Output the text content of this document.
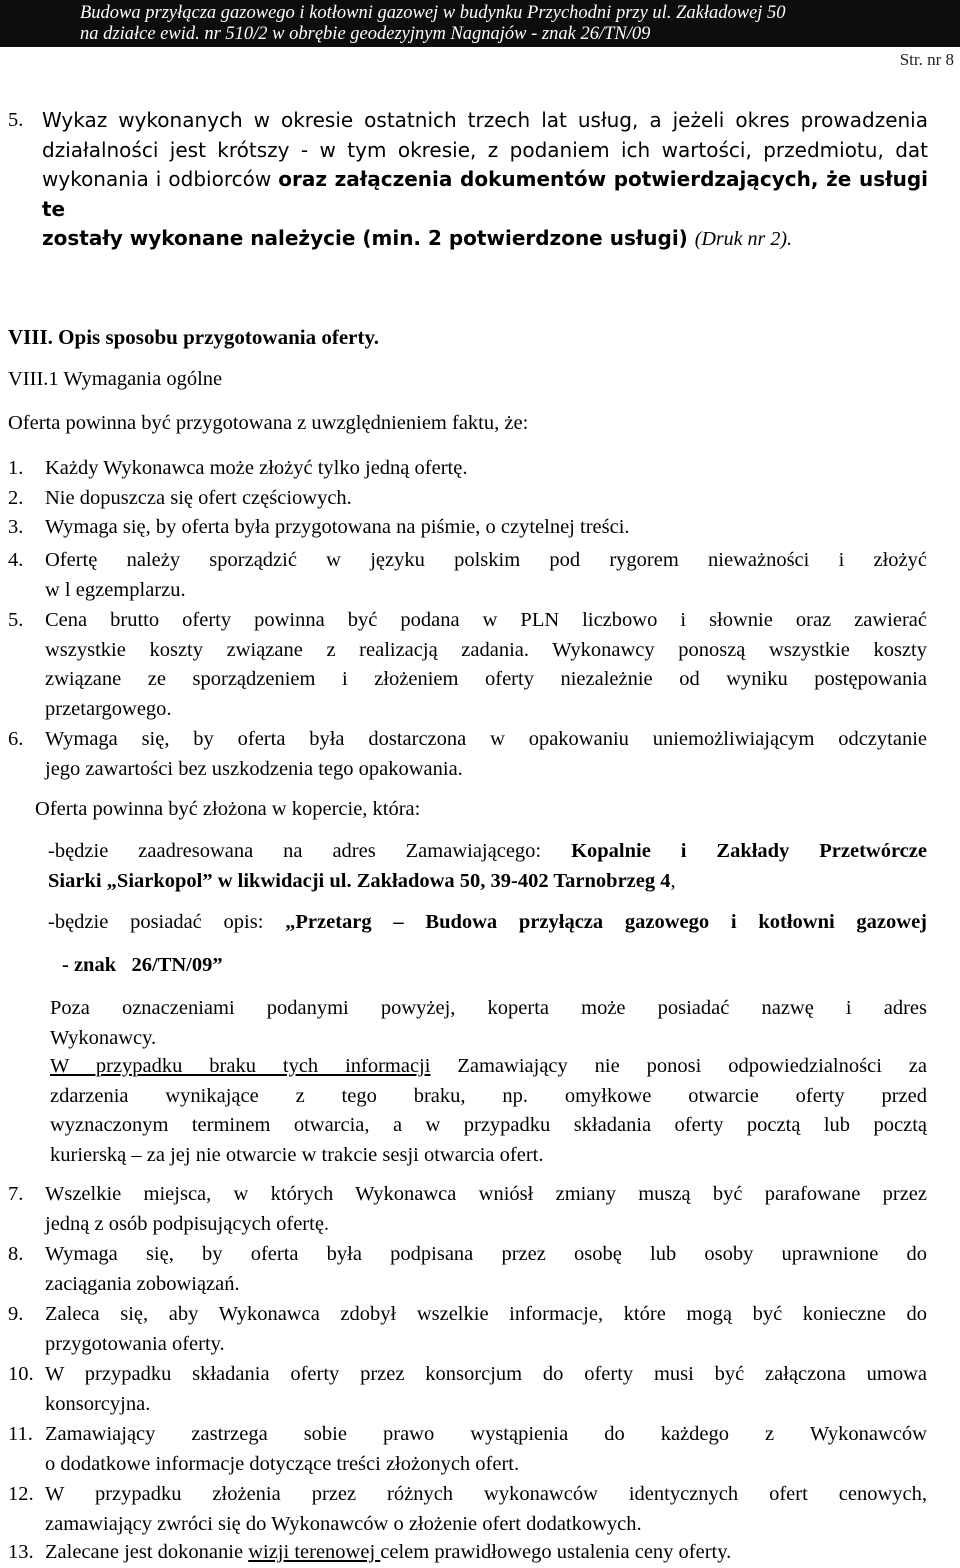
Budowa przyłącza gazowego i kotłowni gazowej w budynku Przychodni przy ul. Zakładowej 50
na działce ewid. nr 510/2 w obrębie geodezyjnym Nagnajów - znak 26/TN/09
Str. nr 8
5. Wykaz wykonanych w okresie ostatnich trzech lat usług, a jeżeli okres prowadzenia
działalności jest krótszy - w tym okresie, z podaniem ich wartości, przedmiotu, dat
wykonania i odbiorców oraz załączenia dokumentów potwierdzających, że usługi te
zostały wykonane należycie (min. 2 potwierdzone usługi) (Druk nr 2).
VIII. Opis sposobu przygotowania oferty.
VIII.1 Wymagania ogólne
Oferta powinna być przygotowana z uwzględnieniem faktu, że:
1. Każdy Wykonawca może złożyć tylko jedną ofertę.
2. Nie dopuszcza się ofert częściowych.
3. Wymaga się, by oferta była przygotowana na piśmie, o czytelnej treści.
4. Ofertę należy sporządzić w języku polskim pod rygorem nieważności i złożyć
w l egzemplarzu.
5. Cena brutto oferty powinna być podana w PLN liczbowo i słownie oraz zawierać
wszystkie koszty związane z realizacją zadania. Wykonawcy ponoszą wszystkie koszty
związane ze sporządzeniem i złożeniem oferty niezależnie od wyniku postępowania
przetargowego.
6. Wymaga się, by oferta była dostarczona w opakowaniu uniemożliwiającym odczytanie
jego zawartości bez uszkodzenia tego opakowania.
Oferta powinna być złożona w kopercie, która:
-będzie zaadresowana na adres Zamawiającego: Kopalnie i Zakłady Przetwórcze
Siarki „Siarkopol” w likwidacji ul. Zakładowa 50, 39-402 Tarnobrzeg 4,
-będzie posiadać opis: „Przetarg – Budowa przyłącza gazowego i kotłowni gazowej
- znak   26/TN/09”
Poza oznaczeniami podanymi powyżej, koperta może posiadać nazwę i adres
Wykonawcy.
W przypadku braku tych informacji Zamawiający nie ponosi odpowiedzialności za
zdarzenia wynikające z tego braku, np. omyłkowe otwarcie oferty przed
wyznaczonym terminem otwarcia, a w przypadku składania oferty pocztą lub pocztą
kurierską – za jej nie otwarcie w trakcie sesji otwarcia ofert.
7. Wszelkie miejsca, w których Wykonawca wniósł zmiany muszą być parafowane przez
jedną z osób podpisujących ofertę.
8. Wymaga się, by oferta była podpisana przez osobę lub osoby uprawnione do
zaciągania zobowiązań.
9. Zaleca się, aby Wykonawca zdobył wszelkie informacje, które mogą być konieczne do
przygotowania oferty.
10. W przypadku składania oferty przez konsorcjum do oferty musi być załączona umowa
konsorcyjna.
11. Zamawiający zastrzega sobie prawo wystąpienia do każdego z Wykonawców
o dodatkowe informacje dotyczące treści złożonych ofert.
12. W przypadku złożenia przez różnych wykonawców identycznych ofert cenowych,
zamawiający zwróci się do Wykonawców o złożenie ofert dodatkowych.
13. Zalecane jest dokonanie wizji terenowej celem prawidłowego ustalenia ceny oferty.
